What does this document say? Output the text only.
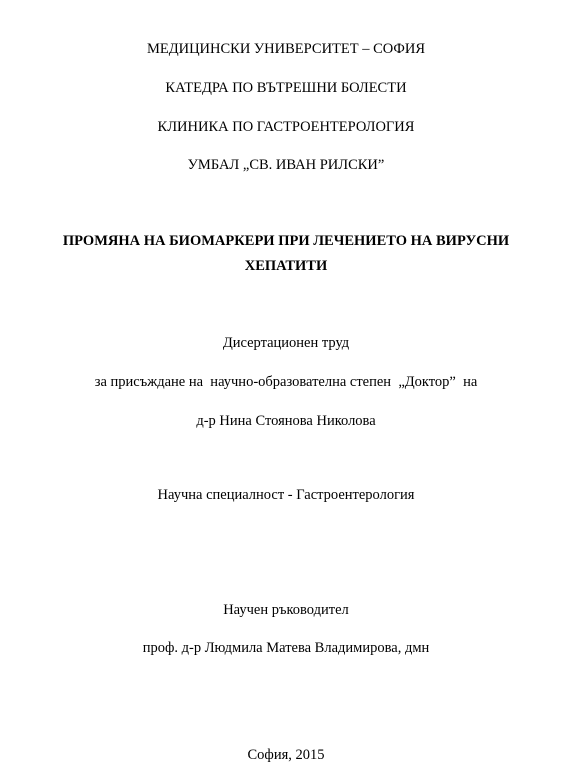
МЕДИЦИНСКИ УНИВЕРСИТЕТ – СОФИЯ
КАТЕДРА ПО ВЪТРЕШНИ БОЛЕСТИ
КЛИНИКА ПО ГАСТРОЕНТЕРОЛОГИЯ
УМБАЛ „СВ. ИВАН РИЛСКИ”
ПРОМЯНА НА БИОМАРКЕРИ ПРИ ЛЕЧЕНИЕТО НА ВИРУСНИ ХЕПАТИТИ
Дисертационен труд
за присъждане на  научно-образователна степен  „Доктор”  на
д-р Нина Стоянова Николова
Научна специалност - Гастроентерология
Научен ръководител
проф. д-р Людмила Матева Владимирова, дмн
София, 2015
